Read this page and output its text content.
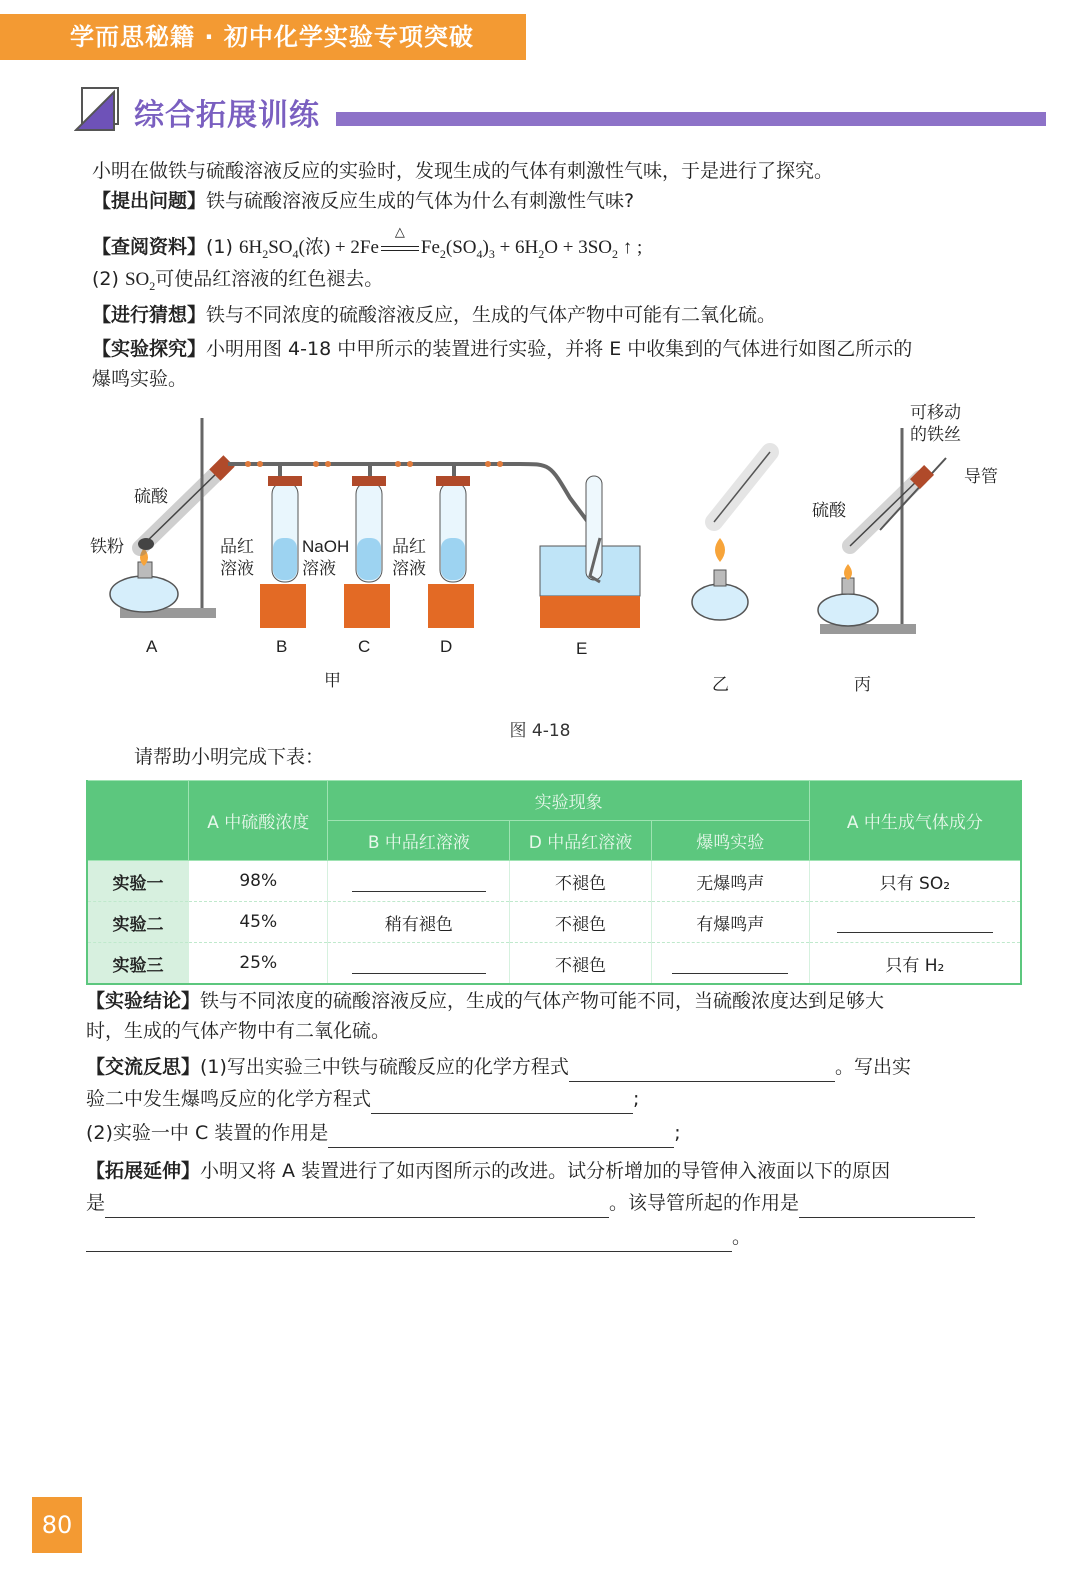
学而思秘籍 · 初中化学实验专项突破
综合拓展训练
小明在做铁与硫酸溶液反应的实验时，发现生成的气体有刺激性气味，于是进行了探究。
【提出问题】铁与硫酸溶液反应生成的气体为什么有刺激性气味?
【查阅资料】(1) $6H_2SO_4$(浓) + 2Fe
△
$Fe_2(SO_4)_3 + 6H_2O + 3SO_2$ ↑ ;
(2) $SO_2$可使品红溶液的红色褪去。
【进行猜想】铁与不同浓度的硫酸溶液反应，生成的气体产物中可能有二氧化硫。
【实验探究】小明用图 4-18 中甲所示的装置进行实验，并将 E 中收集到的气体进行如图乙所示的
爆鸣实验。
铁粉
硫酸
品红
溶液
NaOH
溶液
品红
溶液
A	B	C	D	E
甲	乙	丙
可移动
的铁丝
导管
硫酸
图 4-18
请帮助小明完成下表：
	A 中硫酸浓度	实验现象			A 中生成气体成分
		B 中品红溶液	D 中品红溶液	爆鸣实验	
实验一	98%		不褪色	无爆鸣声	只有 SO₂
实验二	45%	稍有褪色	不褪色	有爆鸣声	
实验三	25%		不褪色		只有 H₂
【实验结论】铁与不同浓度的硫酸溶液反应，生成的气体产物可能不同，当硫酸浓度达到足够大
时，生成的气体产物中有二氧化硫。
【交流反思】(1)写出实验三中铁与硫酸反应的化学方程式	。写出实
验二中发生爆鸣反应的化学方程式	;
(2)实验一中 C 装置的作用是	;
【拓展延伸】小明又将 A 装置进行了如丙图所示的改进。试分析增加的导管伸入液面以下的原因
是	。该导管所起的作用是
。
80
